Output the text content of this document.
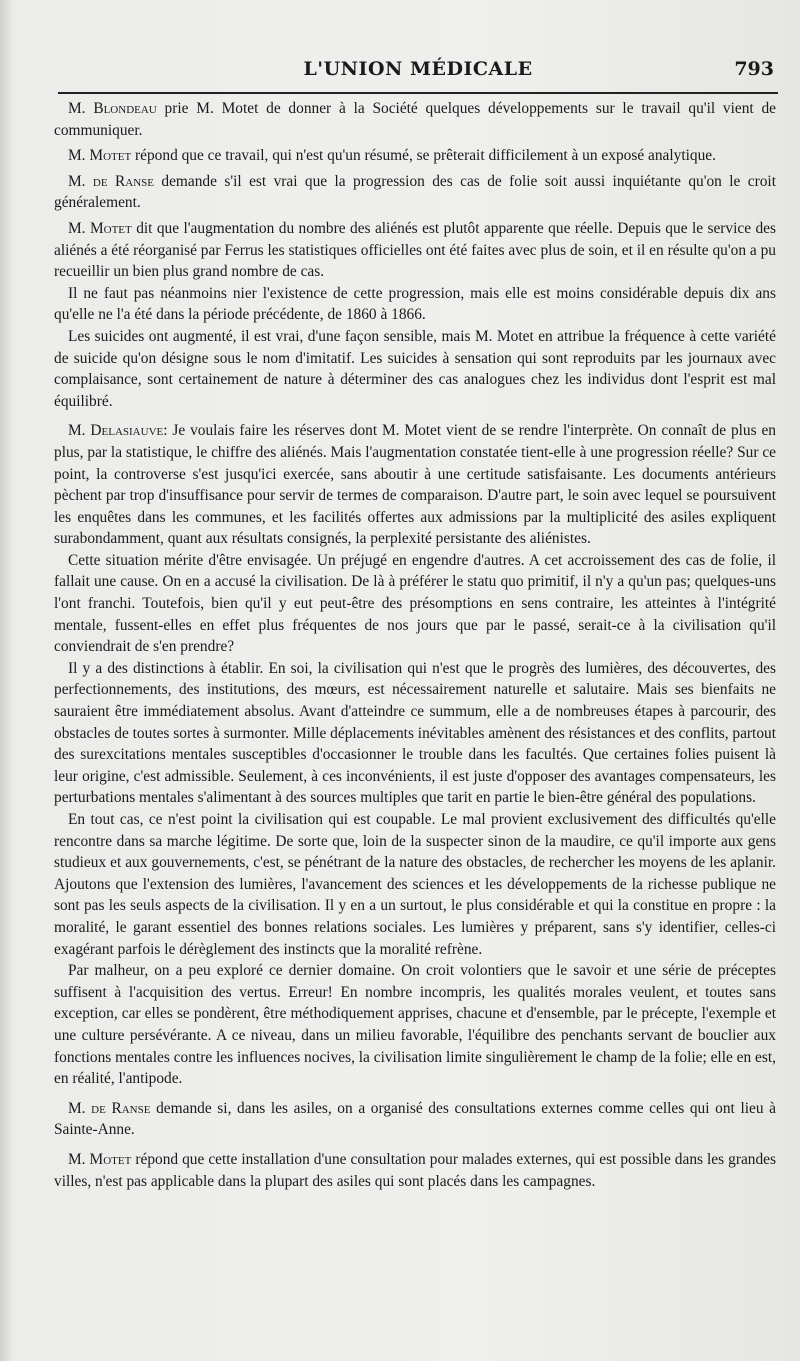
L'UNION MÉDICALE	793

M. Blondeau prie M. Motet de donner à la Société quelques développements sur le travail qu'il vient de communiquer.

M. Motet répond que ce travail, qui n'est qu'un résumé, se prêterait difficilement à un exposé analytique.

M. de Ranse demande s'il est vrai que la progression des cas de folie soit aussi inquiétante qu'on le croit généralement.

M. Motet dit que l'augmentation du nombre des aliénés est plutôt apparente que réelle. Depuis que le service des aliénés a été réorganisé par Ferrus les statistiques officielles ont été faites avec plus de soin, et il en résulte qu'on a pu recueillir un bien plus grand nombre de cas.

Il ne faut pas néanmoins nier l'existence de cette progression, mais elle est moins considérable depuis dix ans qu'elle ne l'a été dans la période précédente, de 1860 à 1866.

Les suicides ont augmenté, il est vrai, d'une façon sensible, mais M. Motet en attribue la fréquence à cette variété de suicide qu'on désigne sous le nom d'imitatif. Les suicides à sensation qui sont reproduits par les journaux avec complaisance, sont certainement de nature à déterminer des cas analogues chez les individus dont l'esprit est mal équilibré.

M. Delasiauve: Je voulais faire les réserves dont M. Motet vient de se rendre l'interprète. On connaît de plus en plus, par la statistique, le chiffre des aliénés. Mais l'augmentation constatée tient-elle à une progression réelle? Sur ce point, la controverse s'est jusqu'ici exercée, sans aboutir à une certitude satisfaisante. Les documents antérieurs pèchent par trop d'insuffisance pour servir de termes de comparaison. D'autre part, le soin avec lequel se poursuivent les enquêtes dans les communes, et les facilités offertes aux admissions par la multiplicité des asiles expliquent surabondamment, quant aux résultats consignés, la perplexité persistante des aliénistes.

Cette situation mérite d'être envisagée. Un préjugé en engendre d'autres. A cet accroissement des cas de folie, il fallait une cause. On en a accusé la civilisation. De là à préférer le statu quo primitif, il n'y a qu'un pas; quelques-uns l'ont franchi. Toutefois, bien qu'il y eut peut-être des présomptions en sens contraire, les atteintes à l'intégrité mentale, fussent-elles en effet plus fréquentes de nos jours que par le passé, serait-ce à la civilisation qu'il conviendrait de s'en prendre?

Il y a des distinctions à établir. En soi, la civilisation qui n'est que le progrès des lumières, des découvertes, des perfectionnements, des institutions, des mœurs, est nécessairement naturelle et salutaire. Mais ses bienfaits ne sauraient être immédiatement absolus. Avant d'atteindre ce summum, elle a de nombreuses étapes à parcourir, des obstacles de toutes sortes à surmonter. Mille déplacements inévitables amènent des résistances et des conflits, partout des surexcitations mentales susceptibles d'occasionner le trouble dans les facultés. Que certaines folies puisent là leur origine, c'est admissible. Seulement, à ces inconvénients, il est juste d'opposer des avantages compensateurs, les perturbations mentales s'alimentant à des sources multiples que tarit en partie le bien-être général des populations.

En tout cas, ce n'est point la civilisation qui est coupable. Le mal provient exclusivement des difficultés qu'elle rencontre dans sa marche légitime. De sorte que, loin de la suspecter sinon de la maudire, ce qu'il importe aux gens studieux et aux gouvernements, c'est, se pénétrant de la nature des obstacles, de rechercher les moyens de les aplanir. Ajoutons que l'extension des lumières, l'avancement des sciences et les développements de la richesse publique ne sont pas les seuls aspects de la civilisation. Il y en a un surtout, le plus considérable et qui la constitue en propre : la moralité, le garant essentiel des bonnes relations sociales. Les lumières y préparent, sans s'y identifier, celles-ci exagérant parfois le dérèglement des instincts que la moralité refrène.

Par malheur, on a peu exploré ce dernier domaine. On croit volontiers que le savoir et une série de préceptes suffisent à l'acquisition des vertus. Erreur! En nombre incompris, les qualités morales veulent, et toutes sans exception, car elles se pondèrent, être méthodiquement apprises, chacune et d'ensemble, par le précepte, l'exemple et une culture persévérante. A ce niveau, dans un milieu favorable, l'équilibre des penchants servant de bouclier aux fonctions mentales contre les influences nocives, la civilisation limite singulièrement le champ de la folie; elle en est, en réalité, l'antipode.

M. de Ranse demande si, dans les asiles, on a organisé des consultations externes comme celles qui ont lieu à Sainte-Anne.

M. Motet répond que cette installation d'une consultation pour malades externes, qui est possible dans les grandes villes, n'est pas applicable dans la plupart des asiles qui sont placés dans les campagnes.
